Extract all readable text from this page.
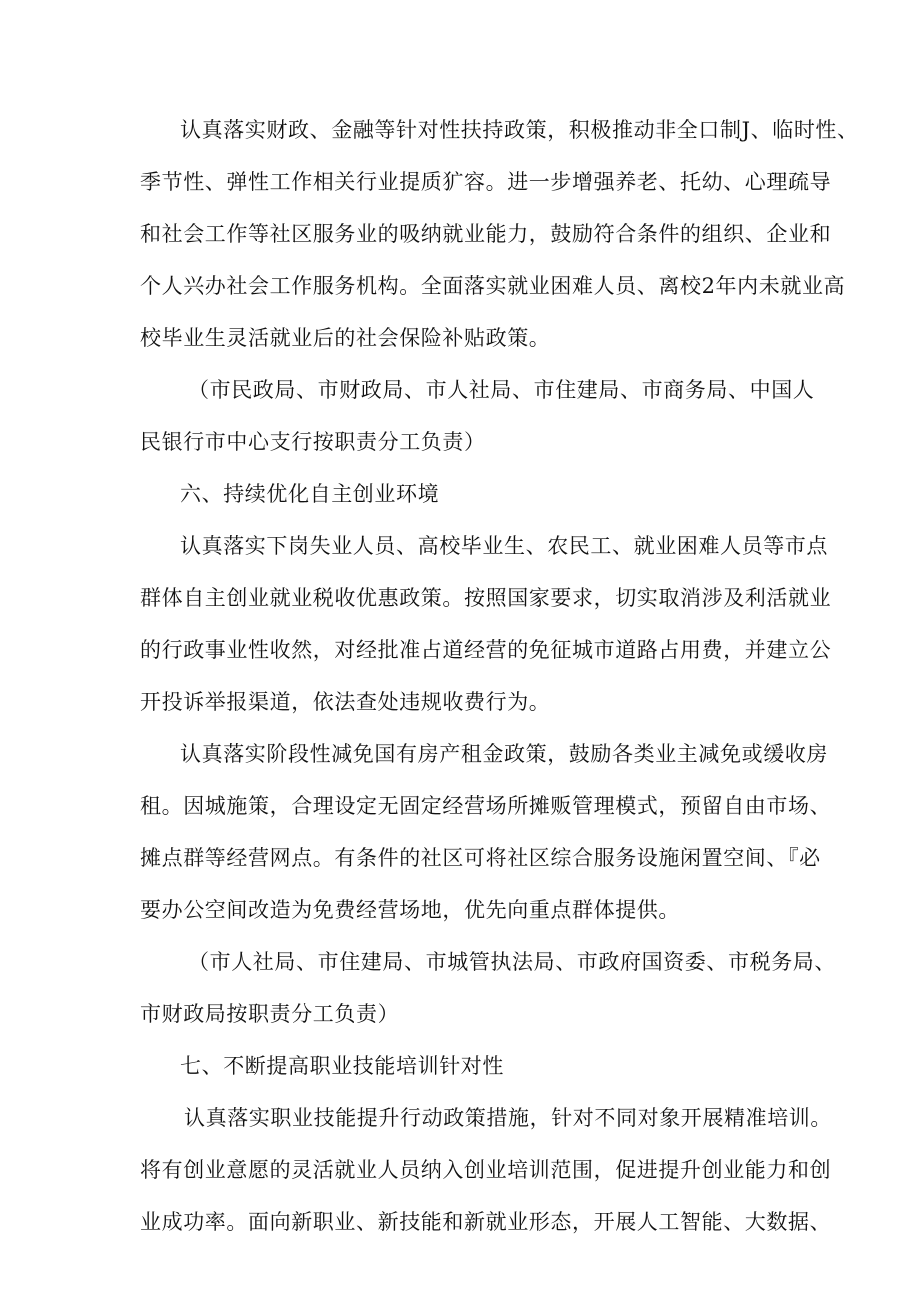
认真落实财政、金融等针对性扶持政策，积极推动非全口制J、临时性、
季节性、弹性工作相关行业提质犷容。进一步增强养老、托幼、心理疏导
和社会工作等社区服务业的吸纳就业能力，鼓励符合条件的组织、企业和
个人兴办社会工作服务机构。全面落实就业困难人员、离校2年内未就业高
校毕业生灵活就业后的社会保险补贴政策。
（市民政局、市财政局、市人社局、市住建局、市商务局、中国人
民银行市中心支行按职责分工负责）
六、持续优化自主创业环境
认真落实下岗失业人员、高校毕业生、农民工、就业困难人员等市点
群体自主创业就业税收优惠政策。按照国家要求，切实取消涉及利活就业
的行政事业性收然，对经批准占道经营的免征城市道路占用费，并建立公
开投诉举报渠道，依法查处违规收费行为。
认真落实阶段性减免国有房产租金政策，鼓励各类业主减免或缓收房
租。因城施策，合理设定无固定经营场所摊贩管理模式，预留自由市场、
摊点群等经营网点。有条件的社区可将社区综合服务设施闲置空间、『必
要办公空间改造为免费经营场地，优先向重点群体提供。
（市人社局、市住建局、市城管执法局、市政府国资委、市税务局、
市财政局按职责分工负责）
七、不断提高职业技能培训针对性
认真落实职业技能提升行动政策措施，针对不同对象开展精准培训。
将有创业意愿的灵活就业人员纳入创业培训范围，促进提升创业能力和创
业成功率。面向新职业、新技能和新就业形态，开展人工智能、大数据、
